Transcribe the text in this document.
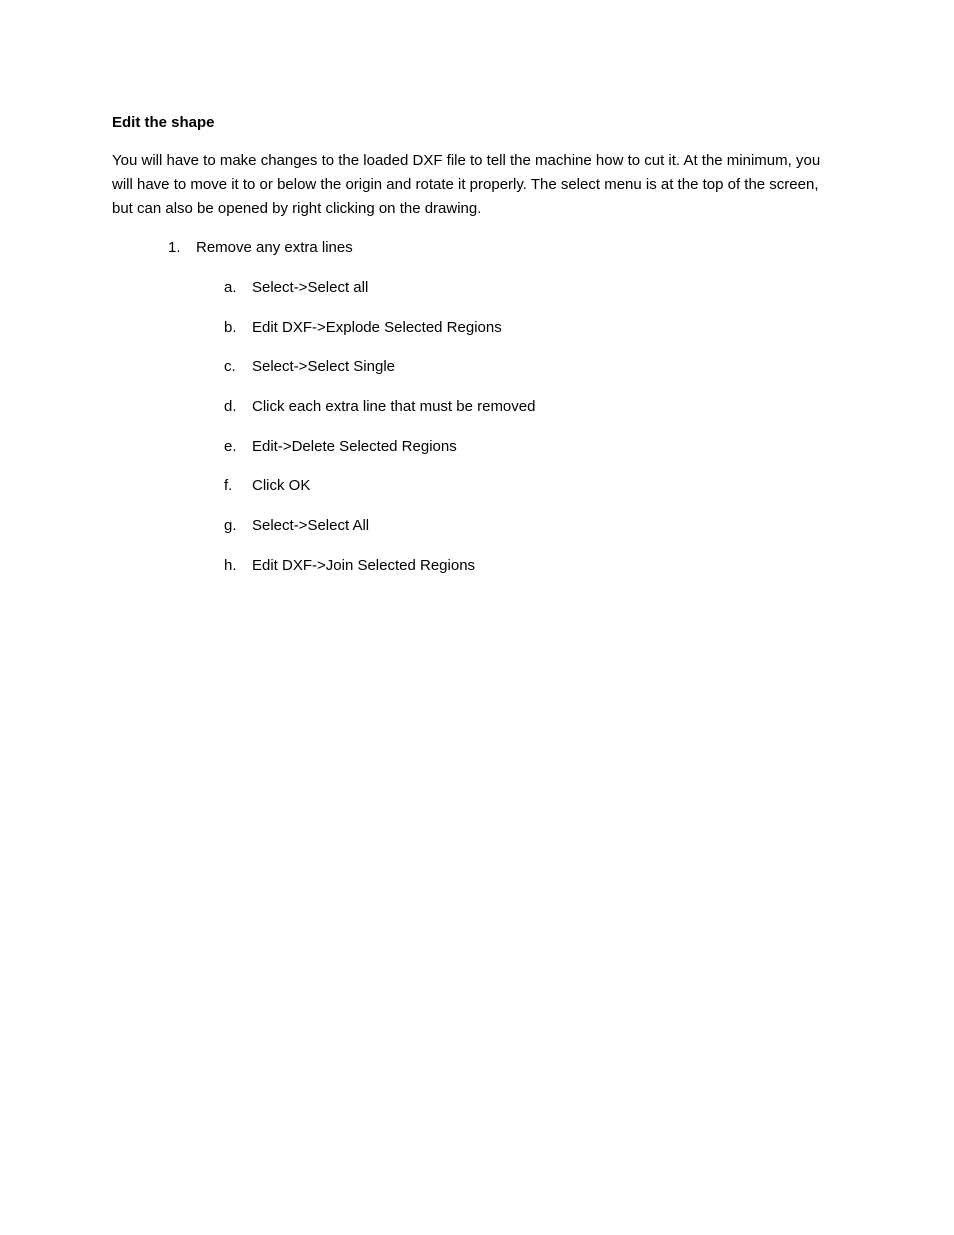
Edit the shape
You will have to make changes to the loaded DXF file to tell the machine how to cut it. At the minimum, you will have to move it to or below the origin and rotate it properly. The select menu is at the top of the screen, but can also be opened by right clicking on the drawing.
1. Remove any extra lines
a. Select->Select all
b. Edit DXF->Explode Selected Regions
c. Select->Select Single
d. Click each extra line that must be removed
e. Edit->Delete Selected Regions
f. Click OK
g. Select->Select All
h. Edit DXF->Join Selected Regions
